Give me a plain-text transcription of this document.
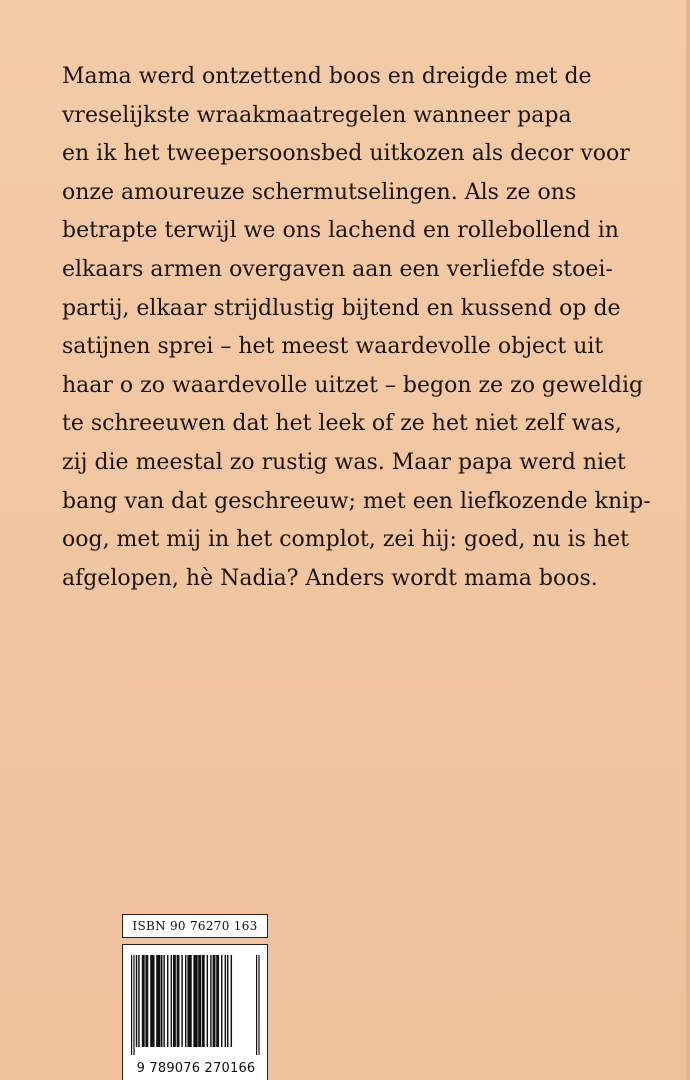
Mama werd ontzettend boos en dreigde met de
vreselijkste wraakmaatregelen wanneer papa
en ik het tweepersoonsbed uitkozen als decor voor
onze amoureuze schermutselingen. Als ze ons
betrapte terwijl we ons lachend en rollebollend in
elkaars armen overgaven aan een verliefde stoei-
partij, elkaar strijdlustig bijtend en kussend op de
satijnen sprei – het meest waardevolle object uit
haar o zo waardevolle uitzet – begon ze zo geweldig
te schreeuwen dat het leek of ze het niet zelf was,
zij die meestal zo rustig was. Maar papa werd niet
bang van dat geschreeuw; met een liefkozende knip-
oog, met mij in het complot, zei hij: goed, nu is het
afgelopen, hè Nadia? Anders wordt mama boos.
ISBN 90 76270 163
9 789076 270166
